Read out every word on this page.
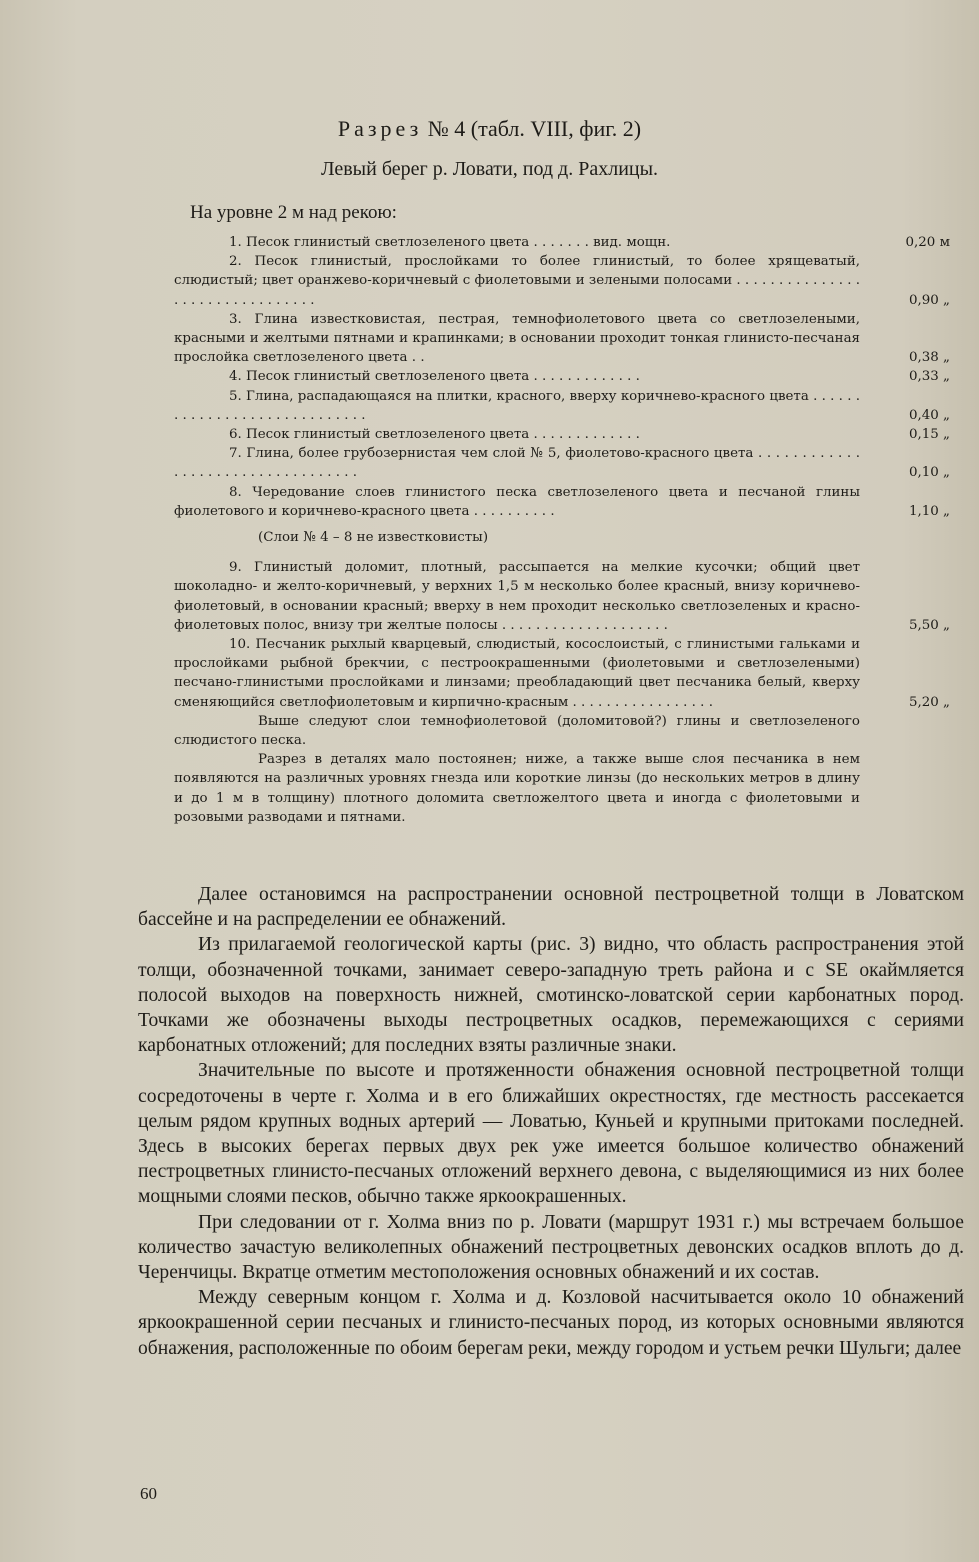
Разрез № 4 (табл. VIII, фиг. 2)
Левый берег р. Ловати, под д. Рахлицы.
На уровне 2 м над рекою:
1. Песок глинистый светлозеленого цвета . . . . . . . вид. мощн.	0,20 м
2. Песок глинистый, прослойками то более глинистый, то более хрящеватый, слюдистый; цвет оранжево-коричневый с фиолетовыми и зелеными полосами . . . . . . . . . . . . . . . . . . . . . . . . . . . . . . . .	0,90 „
3. Глина известковистая, пестрая, темнофиолетового цвета со светлозелеными, красными и желтыми пятнами и крапинками; в основании проходит тонкая глинисто-песчаная прослойка светлозеленого цвета . .	0,38 „
4. Песок глинистый светлозеленого цвета . . . . . . . . . . . . .	0,33 „
5. Глина, распадающаяся на плитки, красного, вверху коричнево-красного цвета . . . . . . . . . . . . . . . . . . . . . . . . . . . . .	0,40 „
6. Песок глинистый светлозеленого цвета . . . . . . . . . . . . .	0,15 „
7. Глина, более грубозернистая чем слой № 5, фиолетово-красного цвета . . . . . . . . . . . . . . . . . . . . . . . . . . . . . . . . . .	0,10 „
8. Чередование слоев глинистого песка светлозеленого цвета и песчаной глины фиолетового и коричнево-красного цвета . . . . . . . . . .	1,10 „
(Слои № 4 – 8 не известковисты)
9. Глинистый доломит, плотный, рассыпается на мелкие кусочки; общий цвет шоколадно- и желто-коричневый, у верхних 1,5 м несколько более красный, внизу коричнево-фиолетовый, в основании красный; вверху в нем проходит несколько светлозеленых и красно-фиолетовых полос, внизу три желтые полосы . . . . . . . . . . . . . . . . . . . .	5,50 „
10. Песчаник рыхлый кварцевый, слюдистый, косослоистый, с глинистыми гальками и прослойками рыбной брекчии, с пестроокрашенными (фиолетовыми и светлозелеными) песчано-глинистыми прослойками и линзами; преобладающий цвет песчаника белый, кверху сменяющийся светлофиолетовым и кирпично-красным . . . . . . . . . . . . . . . . .	5,20 „
Выше следуют слои темнофиолетовой (доломитовой?) глины и светлозеленого слюдистого песка.
Разрез в деталях мало постоянен; ниже, а также выше слоя песчаника в нем появляются на различных уровнях гнезда или короткие линзы (до нескольких метров в длину и до 1 м в толщину) плотного доломита светложелтого цвета и иногда с фиолетовыми и розовыми разводами и пятнами.

Далее остановимся на распространении основной пестроцветной толщи в Ловатском бассейне и на распределении ее обнажений.

Из прилагаемой геологической карты (рис. 3) видно, что область распространения этой толщи, обозначенной точками, занимает северо-западную треть района и с SE окаймляется полосой выходов на поверхность нижней, смотинско-ловатской серии карбонатных пород. Точками же обозначены выходы пестроцветных осадков, перемежающихся с сериями карбонатных отложений; для последних взяты различные знаки.

Значительные по высоте и протяженности обнажения основной пестроцветной толщи сосредоточены в черте г. Холма и в его ближайших окрестностях, где местность рассекается целым рядом крупных водных артерий — Ловатью, Куньей и крупными притоками последней. Здесь в высоких берегах первых двух рек уже имеется большое количество обнажений пестроцветных глинисто-песчаных отложений верхнего девона, с выделяющимися из них более мощными слоями песков, обычно также яркоокрашенных.

При следовании от г. Холма вниз по р. Ловати (маршрут 1931 г.) мы встречаем большое количество зачастую великолепных обнажений пестроцветных девонских осадков вплоть до д. Черенчицы. Вкратце отметим местоположения основных обнажений и их состав.

Между северным концом г. Холма и д. Козловой насчитывается около 10 обнажений яркоокрашенной серии песчаных и глинисто-песчаных пород, из которых основными являются обнажения, расположенные по обоим берегам реки, между городом и устьем речки Шульги; далее

60
